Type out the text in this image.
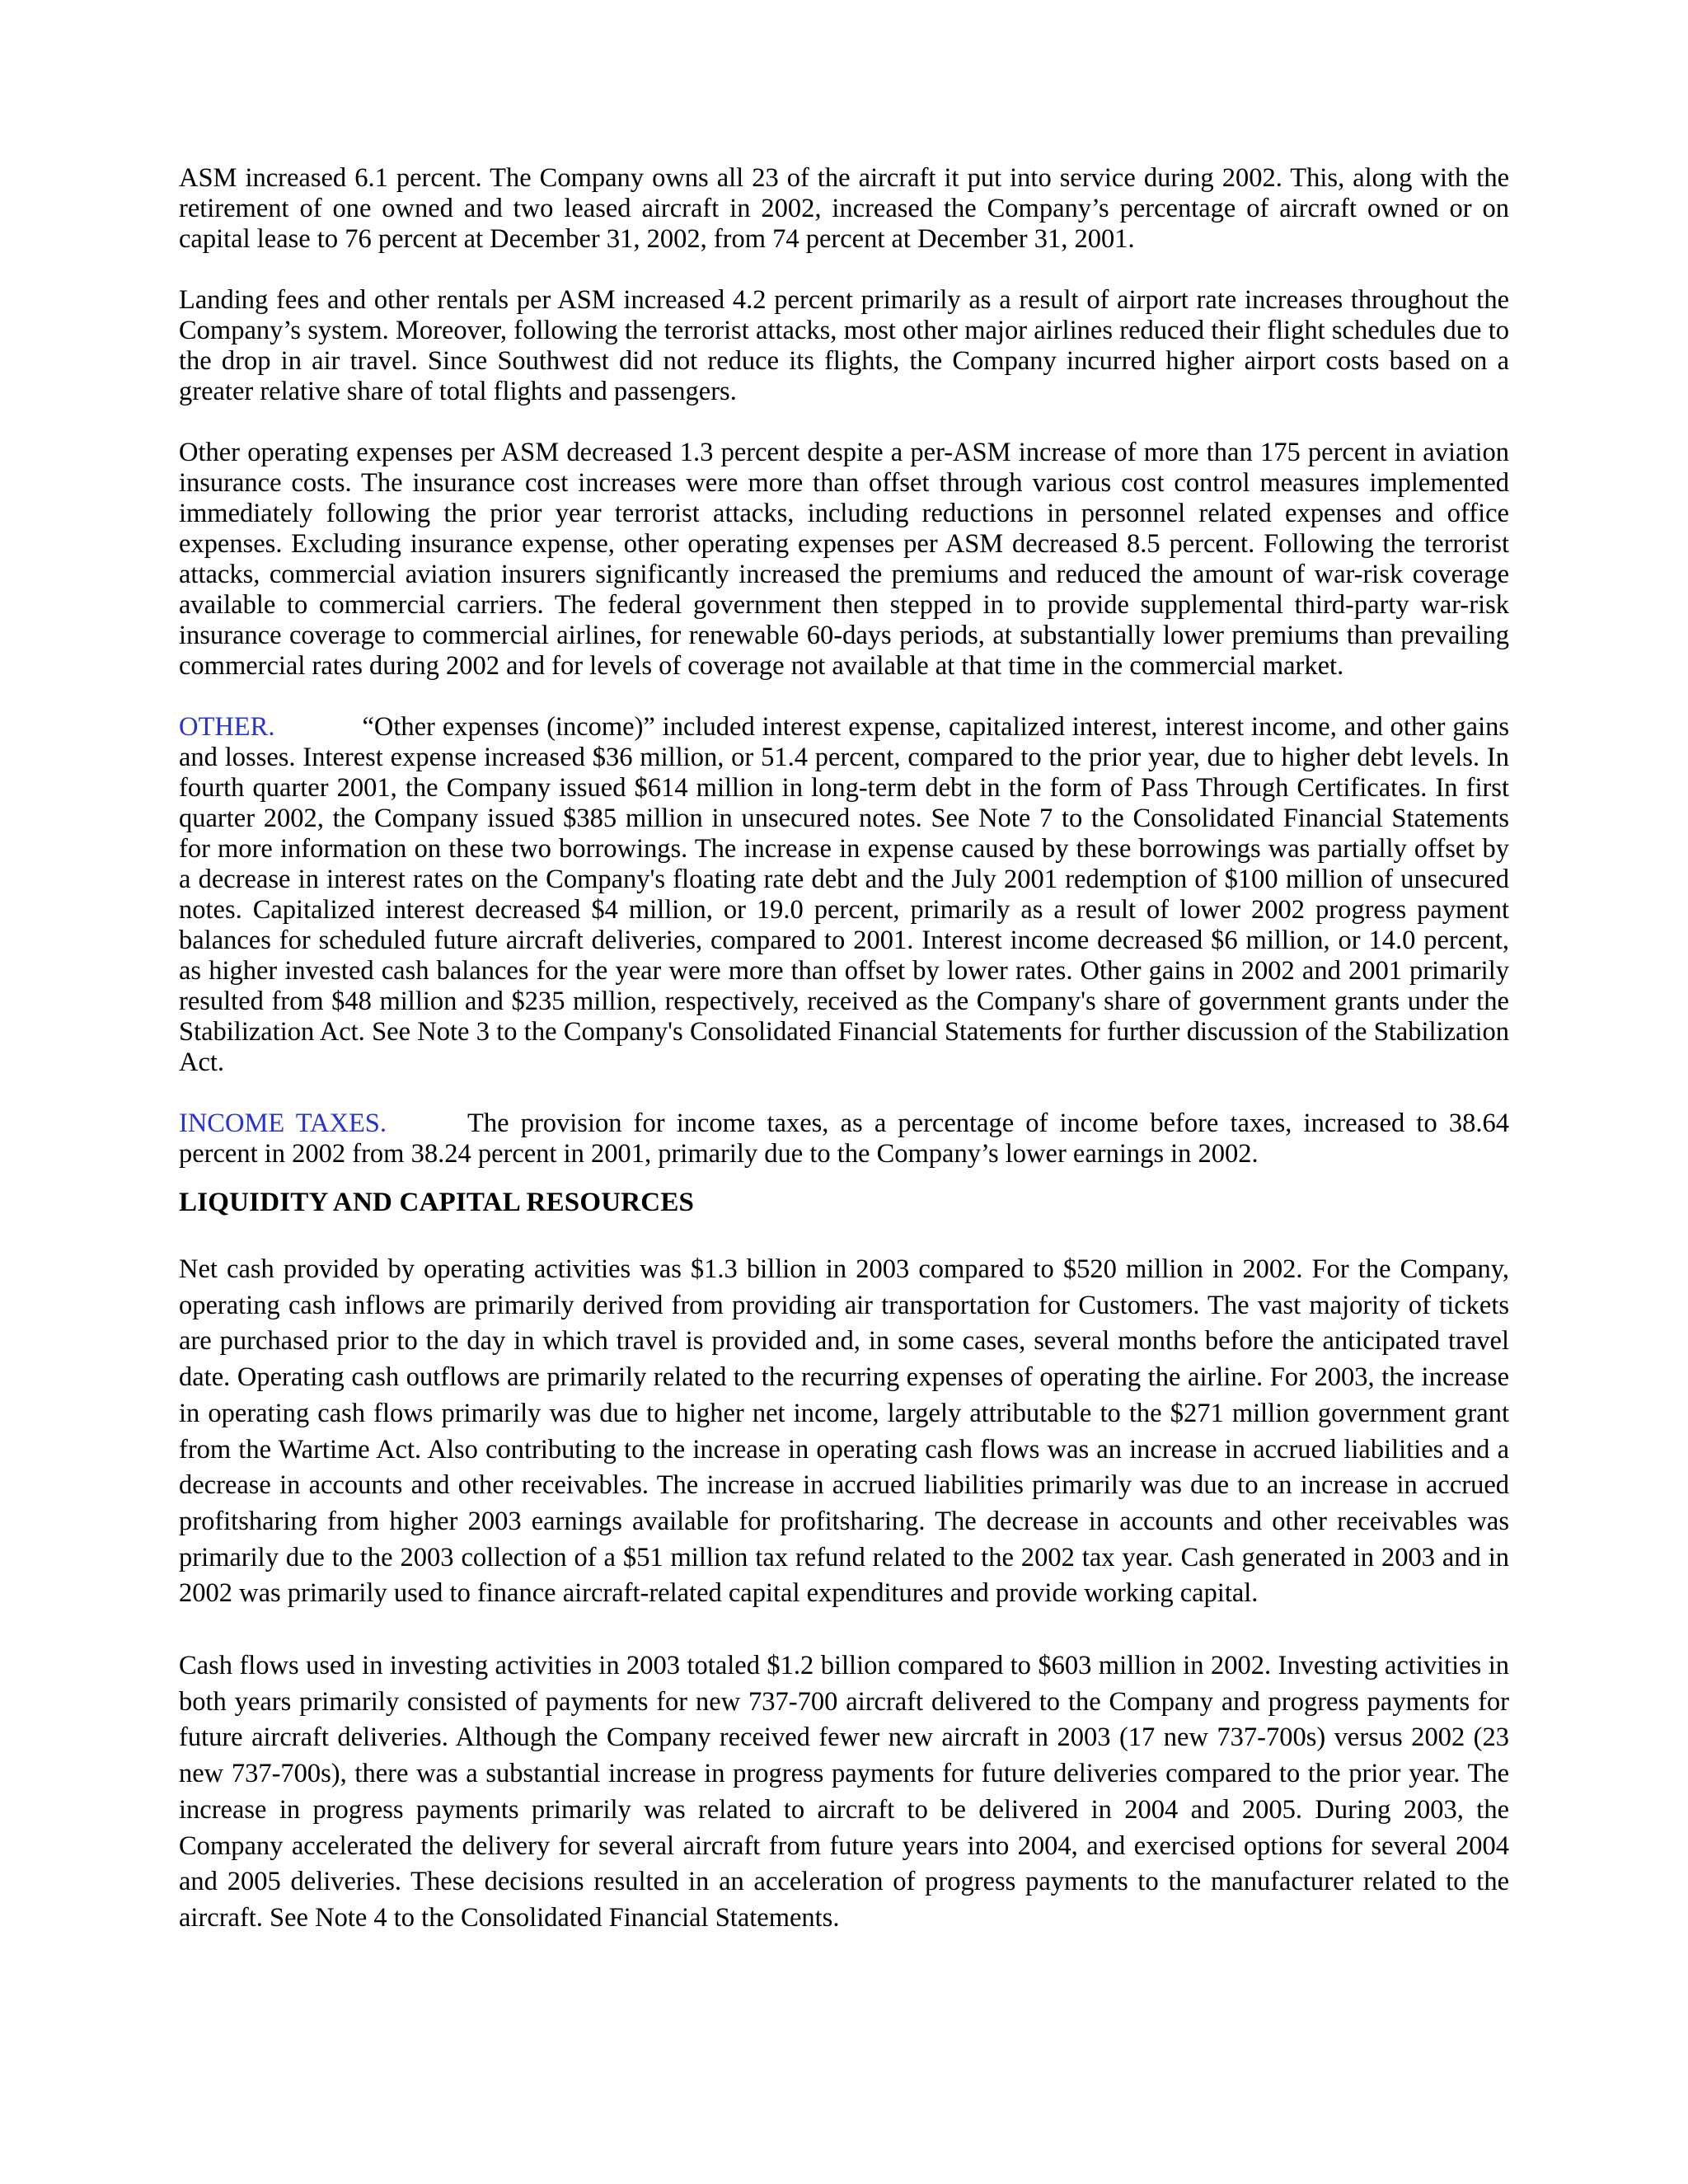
ASM increased 6.1 percent. The Company owns all 23 of the aircraft it put into service during 2002. This, along with the retirement of one owned and two leased aircraft in 2002, increased the Company’s percentage of aircraft owned or on capital lease to 76 percent at December 31, 2002, from 74 percent at December 31, 2001.

Landing fees and other rentals per ASM increased 4.2 percent primarily as a result of airport rate increases throughout the Company’s system. Moreover, following the terrorist attacks, most other major airlines reduced their flight schedules due to the drop in air travel. Since Southwest did not reduce its flights, the Company incurred higher airport costs based on a greater relative share of total flights and passengers.

Other operating expenses per ASM decreased 1.3 percent despite a per-ASM increase of more than 175 percent in aviation insurance costs. The insurance cost increases were more than offset through various cost control measures implemented immediately following the prior year terrorist attacks, including reductions in personnel related expenses and office expenses. Excluding insurance expense, other operating expenses per ASM decreased 8.5 percent. Following the terrorist attacks, commercial aviation insurers significantly increased the premiums and reduced the amount of war-risk coverage available to commercial carriers. The federal government then stepped in to provide supplemental third-party war-risk insurance coverage to commercial airlines, for renewable 60-days periods, at substantially lower premiums than prevailing commercial rates during 2002 and for levels of coverage not available at that time in the commercial market.

OTHER.	“Other expenses (income)” included interest expense, capitalized interest, interest income, and other gains and losses. Interest expense increased $36 million, or 51.4 percent, compared to the prior year, due to higher debt levels. In fourth quarter 2001, the Company issued $614 million in long-term debt in the form of Pass Through Certificates. In first quarter 2002, the Company issued $385 million in unsecured notes. See Note 7 to the Consolidated Financial Statements for more information on these two borrowings. The increase in expense caused by these borrowings was partially offset by a decrease in interest rates on the Company's floating rate debt and the July 2001 redemption of $100 million of unsecured notes. Capitalized interest decreased $4 million, or 19.0 percent, primarily as a result of lower 2002 progress payment balances for scheduled future aircraft deliveries, compared to 2001. Interest income decreased $6 million, or 14.0 percent, as higher invested cash balances for the year were more than offset by lower rates. Other gains in 2002 and 2001 primarily resulted from $48 million and $235 million, respectively, received as the Company's share of government grants under the Stabilization Act. See Note 3 to the Company's Consolidated Financial Statements for further discussion of the Stabilization Act.

INCOME TAXES.	The provision for income taxes, as a percentage of income before taxes, increased to 38.64 percent in 2002 from 38.24 percent in 2001, primarily due to the Company’s lower earnings in 2002.

LIQUIDITY AND CAPITAL RESOURCES

Net cash provided by operating activities was $1.3 billion in 2003 compared to $520 million in 2002. For the Company, operating cash inflows are primarily derived from providing air transportation for Customers. The vast majority of tickets are purchased prior to the day in which travel is provided and, in some cases, several months before the anticipated travel date. Operating cash outflows are primarily related to the recurring expenses of operating the airline. For 2003, the increase in operating cash flows primarily was due to higher net income, largely attributable to the $271 million government grant from the Wartime Act. Also contributing to the increase in operating cash flows was an increase in accrued liabilities and a decrease in accounts and other receivables. The increase in accrued liabilities primarily was due to an increase in accrued profitsharing from higher 2003 earnings available for profitsharing. The decrease in accounts and other receivables was primarily due to the 2003 collection of a $51 million tax refund related to the 2002 tax year. Cash generated in 2003 and in 2002 was primarily used to finance aircraft-related capital expenditures and provide working capital.

Cash flows used in investing activities in 2003 totaled $1.2 billion compared to $603 million in 2002. Investing activities in both years primarily consisted of payments for new 737-700 aircraft delivered to the Company and progress payments for future aircraft deliveries. Although the Company received fewer new aircraft in 2003 (17 new 737-700s) versus 2002 (23 new 737-700s), there was a substantial increase in progress payments for future deliveries compared to the prior year. The increase in progress payments primarily was related to aircraft to be delivered in 2004 and 2005. During 2003, the Company accelerated the delivery for several aircraft from future years into 2004, and exercised options for several 2004 and 2005 deliveries. These decisions resulted in an acceleration of progress payments to the manufacturer related to the aircraft. See Note 4 to the Consolidated Financial Statements.
